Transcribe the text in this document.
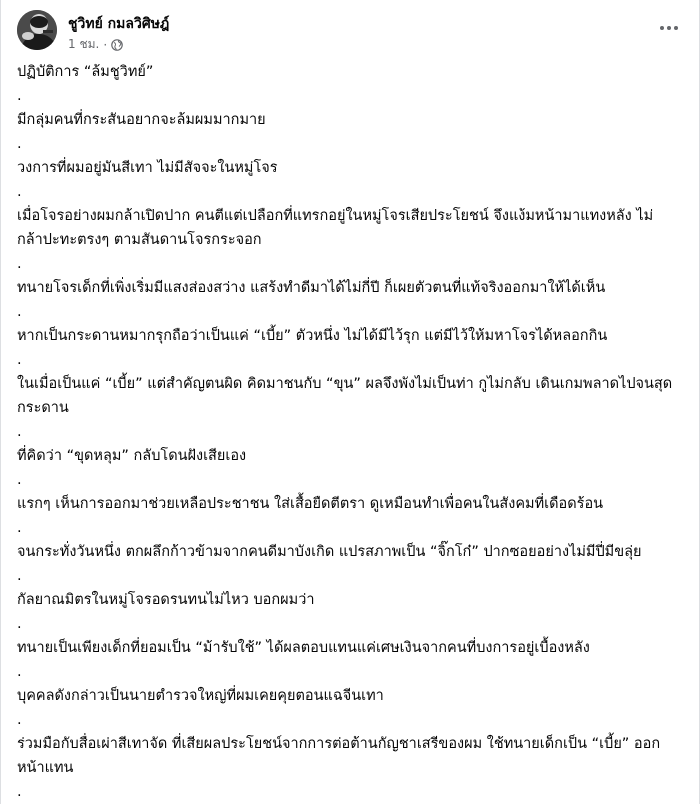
ชูวิทย์ กมลวิศิษฎ์
1 ชม. ·

ปฏิบัติการ “ล้มชูวิทย์”

.

มีกลุ่มคนที่กระสันอยากจะล้มผมมากมาย

.

วงการที่ผมอยู่มันสีเทา ไม่มีสัจจะในหมู่โจร

.

เมื่อโจรอย่างผมกล้าเปิดปาก คนตีแต่เปลือกที่แทรกอยู่ในหมู่โจรเสียประโยชน์ จึงแง้มหน้ามาแทงหลัง ไม่
กล้าปะทะตรงๆ ตามสันดานโจรกระจอก

.

ทนายโจรเด็กที่เพิ่งเริ่มมีแสงส่องสว่าง แสร้งทำดีมาได้ไม่กี่ปี ก็เผยตัวตนที่แท้จริงออกมาให้ได้เห็น

.

หากเป็นกระดานหมากรุกถือว่าเป็นแค่ “เบี้ย” ตัวหนึ่ง ไม่ได้มีไว้รุก แต่มีไว้ให้มหาโจรได้หลอกกิน

.

ในเมื่อเป็นแค่ “เบี้ย” แต่สำคัญตนผิด คิดมาชนกับ “ขุน” ผลจึงพังไม่เป็นท่า กูไม่กลับ เดินเกมพลาดไปจนสุด
กระดาน

.

ที่คิดว่า “ขุดหลุม” กลับโดนฝังเสียเอง

.

แรกๆ เห็นการออกมาช่วยเหลือประชาชน ใส่เสื้อยืดตีตรา ดูเหมือนทำเพื่อคนในสังคมที่เดือดร้อน

.

จนกระทั่งวันหนึ่ง ตกผลึกก้าวข้ามจากคนดีมาบังเกิด แปรสภาพเป็น “จิ๊กโก๋” ปากซอยอย่างไม่มีปี่มีขลุ่ย

.

กัลยาณมิตรในหมู่โจรอดรนทนไม่ไหว บอกผมว่า

.

ทนายเป็นเพียงเด็กที่ยอมเป็น “ม้ารับใช้” ได้ผลตอบแทนแค่เศษเงินจากคนที่บงการอยู่เบื้องหลัง

.

บุคคลดังกล่าวเป็นนายตำรวจใหญ่ที่ผมเคยคุยตอนแฉจีนเทา

.

ร่วมมือกับสื่อเผ่าสีเทาจัด ที่เสียผลประโยชน์จากการต่อต้านกัญชาเสรีของผม ใช้ทนายเด็กเป็น “เบี้ย” ออก
หน้าแทน

.
